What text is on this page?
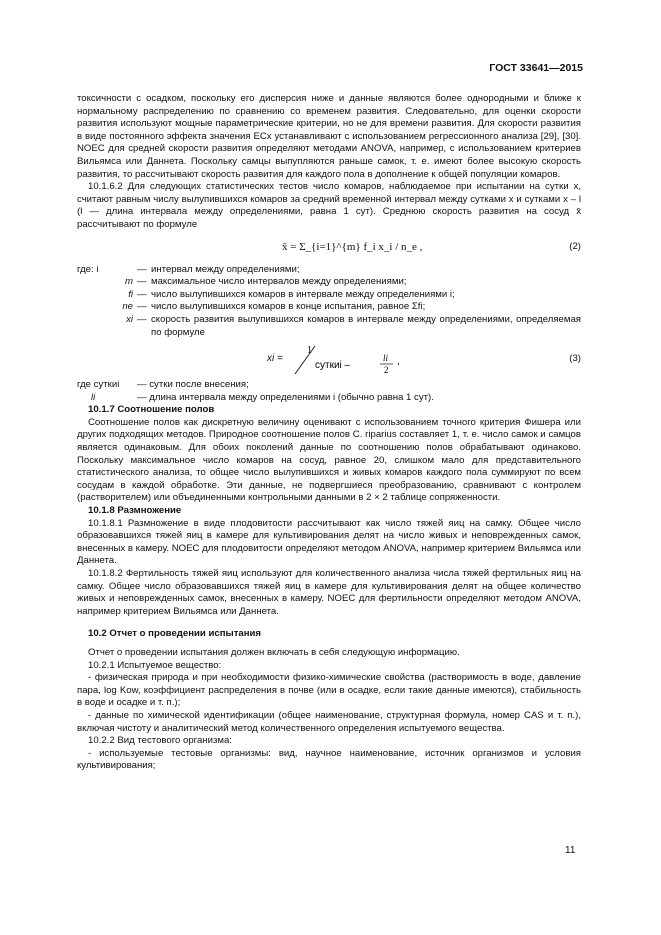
ГОСТ 33641—2015

токсичности с осадком, поскольку его дисперсия ниже и данные являются более однородными и ближе к нормальному распределению по сравнению со временем развития. Следовательно, для оценки скорости развития используют мощные параметрические критерии, но не для времени развития. Для скорости развития в виде постоянного эффекта значения ECx устанавливают с использованием регрессионного анализа [29], [30]. NOEC для средней скорости развития определяют методами ANOVA, например, с использованием критериев Вильямса или Даннета. Поскольку самцы выпупляются раньше самок, т. е. имеют более высокую скорость развития, то рассчитывают скорость развития для каждого пола в дополнение к общей популяции комаров.

10.1.6.2 Для следующих статистических тестов число комаров, наблюдаемое при испытании на сутки x, считают равным числу вылупившихся комаров за средний временной интервал между сутками x и сутками x – l (l — длина интервала между определениями, равна 1 сут). Среднюю скорость развития на сосуд x̄ рассчитывают по формуле

x̄ = Σ_{i=1}^{m} f_i x_i / n_e ,	(2)
где: i	— интервал между определениями;
m — максимальное число интервалов между определениями;
fi — число вылупившихся комаров в интервале между определениями i;
ne — число вылупившихся комаров в конце испытания, равное Σfi;
xi — скорость развития вылупившихся комаров в интервале между определениями, определяемая по формуле
xi =
1
суткиi –
li
2
,	(3)
где суткиi	— сутки после внесения;
li	— длина интервала между определениями i (обычно равна 1 сут).

10.1.7 Соотношение полов

Соотношение полов как дискретную величину оценивают с использованием точного критерия Фишера или других подходящих методов. Природное соотношение полов C. riparius составляет 1, т. е. число самок и самцов является одинаковым. Для обоих поколений данные по соотношению полов обрабатывают одинаково. Поскольку максимальное число комаров на сосуд, равное 20, слишком мало для представительного статистического анализа, то общее число вылупившихся и живых комаров каждого пола суммируют по всем сосудам в каждой обработке. Эти данные, не подвергшиеся преобразованию, сравнивают с контролем (растворителем) или объединенными контрольными данными в 2 × 2 таблице сопряженности.

10.1.8 Размножение

10.1.8.1 Размножение в виде плодовитости рассчитывают как число тяжей яиц на самку. Общее число образовавшихся тяжей яиц в камере для культивирования делят на число живых и неповрежденных самок, внесенных в камеру. NOEC для плодовитости определяют методом ANOVA, например критерием Вильямса или Даннета.

10.1.8.2 Фертильность тяжей яиц используют для количественного анализа числа тяжей фертильных яиц на самку. Общее число образовавшихся тяжей яиц в камере для культивирования делят на общее количество живых и неповрежденных самок, внесенных в камеру. NOEC для фертильности определяют методом ANOVA, например критерием Вильямса или Даннета.

10.2 Отчет о проведении испытания

Отчет о проведении испытания должен включать в себя следующую информацию.

10.2.1 Испытуемое вещество:

- физическая природа и при необходимости физико-химические свойства (растворимость в воде, давление пара, log Kow, коэффициент распределения в почве (или в осадке, если такие данные имеются), стабильность в воде и осадке и т. п.);

- данные по химической идентификации (общее наименование, структурная формула, номер CAS и т. п.), включая чистоту и аналитический метод количественного определения испытуемого вещества.

10.2.2 Вид тестового организма:

- используемые тестовые организмы: вид, научное наименование, источник организмов и условия культивирования;

11
